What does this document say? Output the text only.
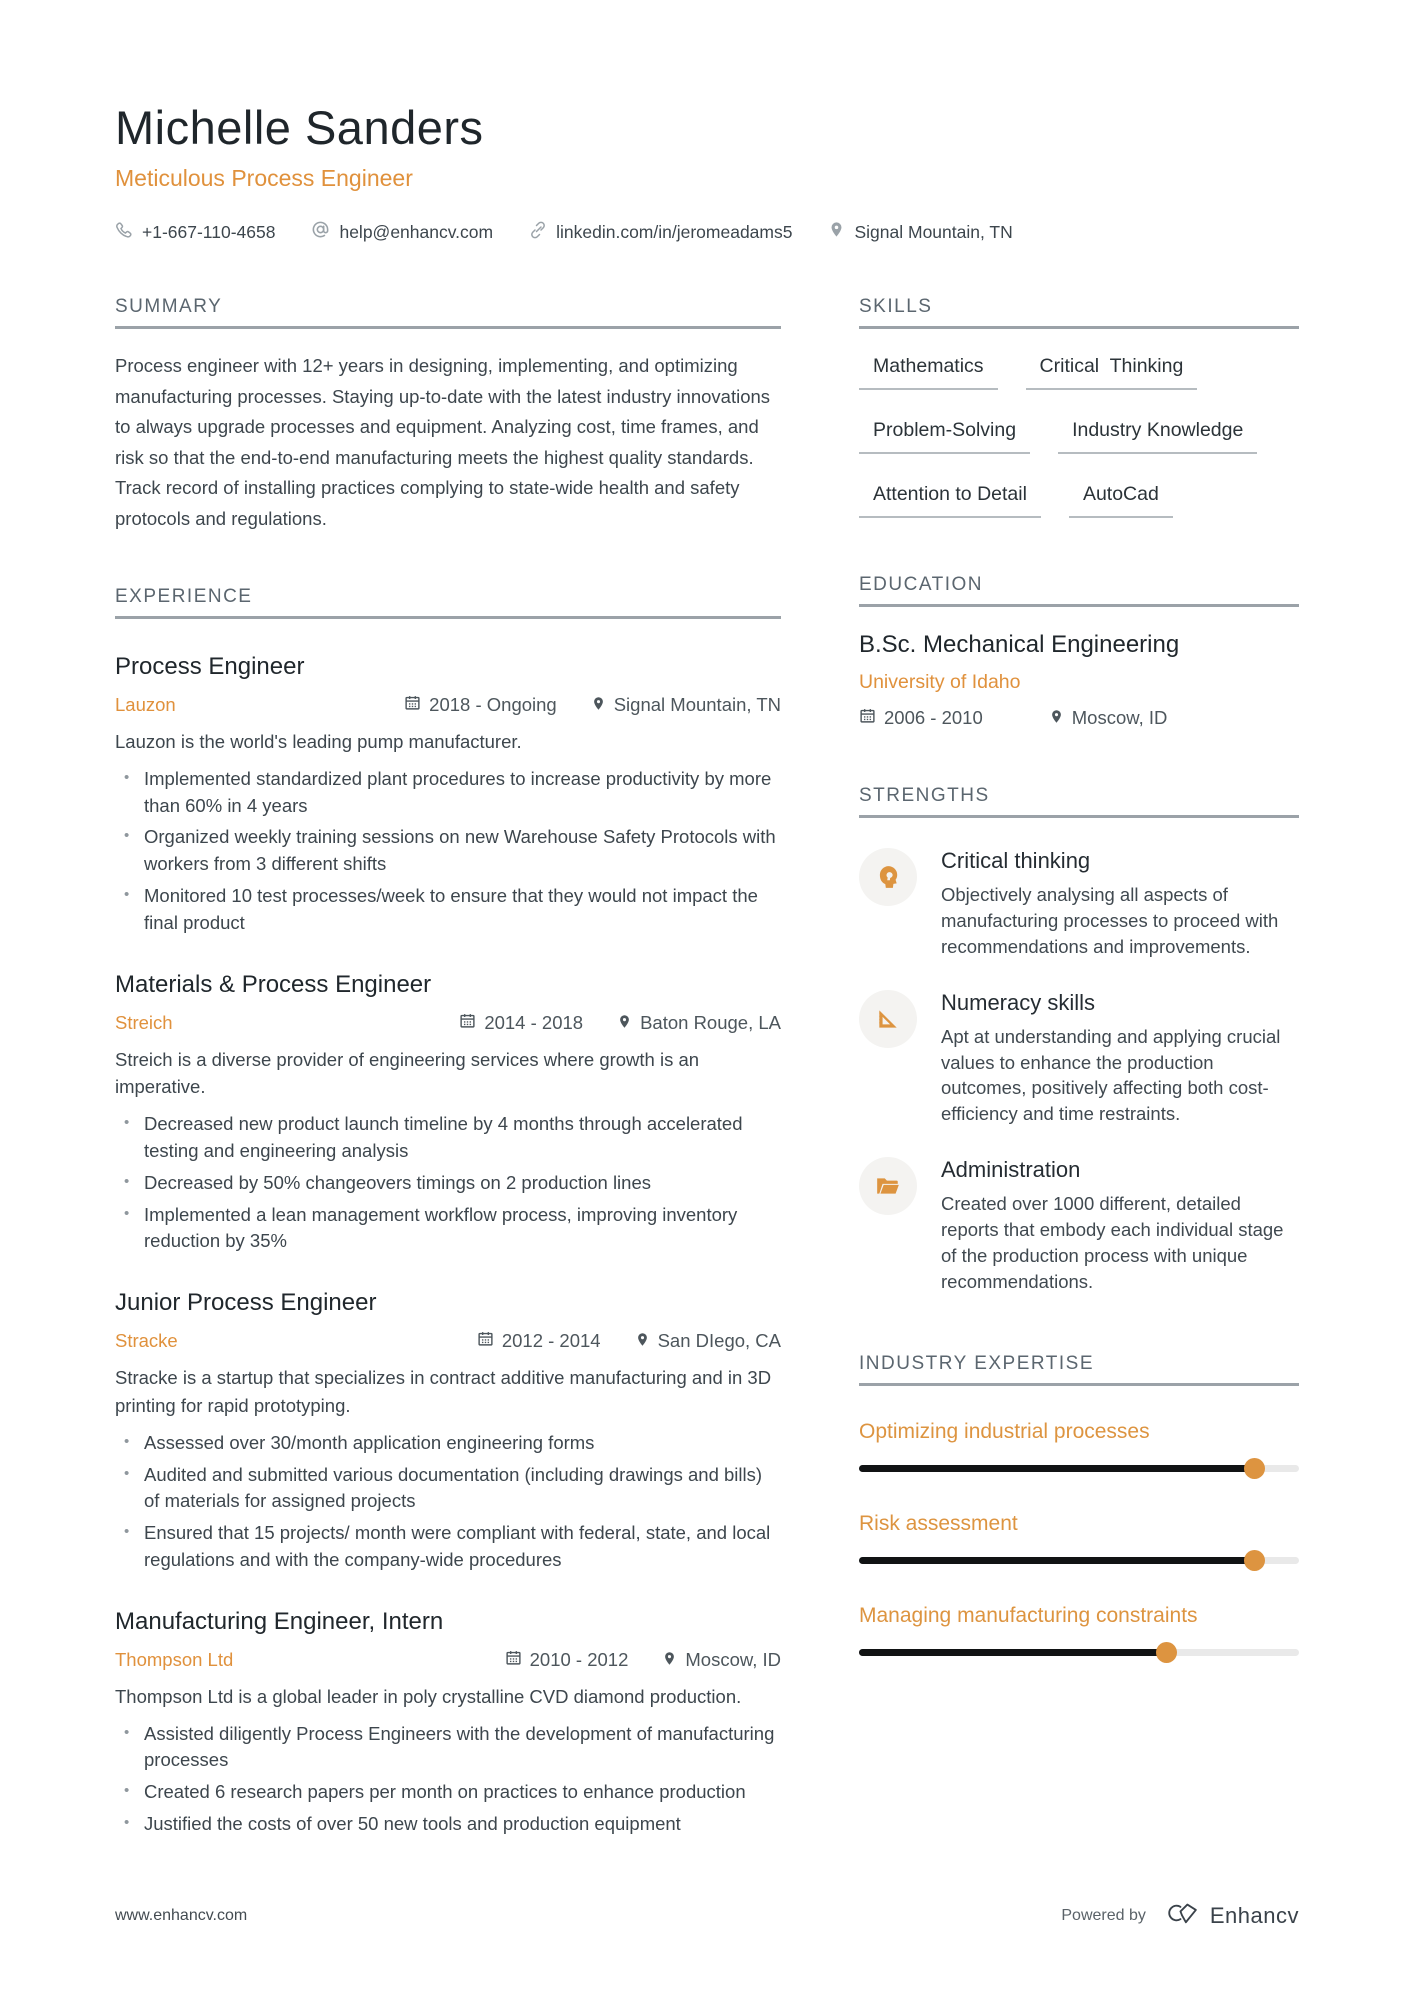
Michelle Sanders
Meticulous Process Engineer
+1-667-110-4658	help@enhancv.com	linkedin.com/in/jeromeadams5	Signal Mountain, TN
SUMMARY

Process engineer with 12+ years in designing, implementing, and optimizing manufacturing processes. Staying up-to-date with the latest industry innovations to always upgrade processes and equipment. Analyzing cost, time frames, and risk so that the end-to-end manufacturing meets the highest quality standards. Track record of installing practices complying to state-wide health and safety protocols and regulations.

EXPERIENCE
Process Engineer
Lauzon	2018 - Ongoing	Signal Mountain, TN
Lauzon is the world's leading pump manufacturer.
• Implemented standardized plant procedures to increase productivity by more than 60% in 4 years
• Organized weekly training sessions on new Warehouse Safety Protocols with workers from 3 different shifts
• Monitored 10 test processes/week to ensure that they would not impact the final product
Materials & Process Engineer
Streich	2014 - 2018	Baton Rouge, LA
Streich is a diverse provider of engineering services where growth is an imperative.
• Decreased new product launch timeline by 4 months through accelerated testing and engineering analysis
• Decreased by 50% changeovers timings on 2 production lines
• Implemented a lean management workflow process, improving inventory reduction by 35%
Junior Process Engineer
Stracke	2012 - 2014	San DIego, CA
Stracke is a startup that specializes in contract additive manufacturing and in 3D printing for rapid prototyping.
• Assessed over 30/month application engineering forms
• Audited and submitted various documentation (including drawings and bills) of materials for assigned projects
• Ensured that 15 projects/ month were compliant with federal, state, and local regulations and with the company-wide procedures
Manufacturing Engineer, Intern
Thompson Ltd	2010 - 2012	Moscow, ID
Thompson Ltd is a global leader in poly crystalline CVD diamond production.
• Assisted diligently Process Engineers with the development of manufacturing processes
• Created 6 research papers per month on practices to enhance production
• Justified the costs of over 50 new tools and production equipment
SKILLS
Mathematics	Critical  Thinking
Problem-Solving	Industry Knowledge
Attention to Detail	AutoCad
EDUCATION
B.Sc. Mechanical Engineering
University of Idaho
2006 - 2010	Moscow, ID
STRENGTHS
Critical thinking
Objectively analysing all aspects of manufacturing processes to proceed with recommendations and improvements.
Numeracy skills
Apt at understanding and applying crucial values to enhance the production outcomes, positively affecting both cost-efficiency and time restraints.
Administration
Created over 1000 different, detailed reports that embody each individual stage of the production process with unique recommendations.
INDUSTRY EXPERTISE
Optimizing industrial processes
Risk assessment
Managing manufacturing constraints
www.enhancv.com	Powered by	Enhancv
